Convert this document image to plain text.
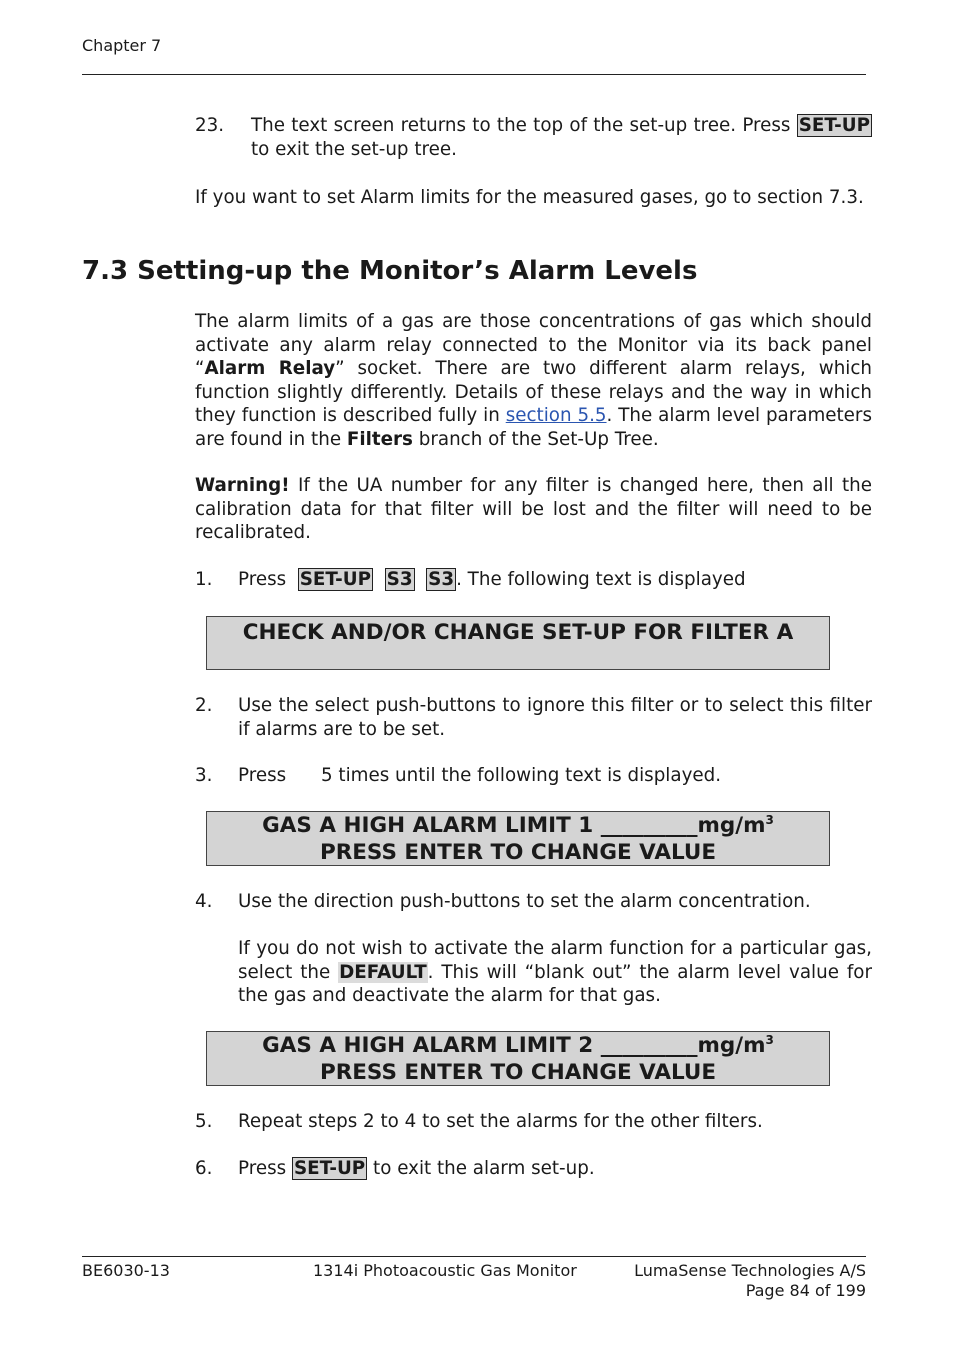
Chapter 7
23. The text screen returns to the top of the set-up tree. Press SET-UP to exit the set-up tree.

If you want to set Alarm limits for the measured gases, go to section 7.3.

7.3 Setting-up the Monitor’s Alarm Levels

The alarm limits of a gas are those concentrations of gas which should activate any alarm relay connected to the Monitor via its back panel “Alarm Relay” socket. There are two different alarm relays, which function slightly differently. Details of these relays and the way in which they function is described fully in section 5.5. The alarm level parameters are found in the Filters branch of the Set-Up Tree.

Warning! If the UA number for any filter is changed here, then all the calibration data for that filter will be lost and the filter will need to be recalibrated.

1. Press  SET-UP S3 S3 . The following text is displayed
CHECK AND/OR CHANGE SET-UP FOR FILTER A
2. Use the select push-buttons to ignore this filter or to select this filter if alarms are to be set.

3. Press      5 times until the following text is displayed.
GAS A HIGH ALARM LIMIT 1 $\_\_\_\_\_\_\_\_\_mg/m^3$
PRESS ENTER TO CHANGE VALUE
4. Use the direction push-buttons to set the alarm concentration.

If you do not wish to activate the alarm function for a particular gas, select the DEFAULT. This will “blank out” the alarm level value for the gas and deactivate the alarm for that gas.

GAS A HIGH ALARM LIMIT 2 $\_\_\_\_\_\_\_\_\_mg/m^3$
PRESS ENTER TO CHANGE VALUE
5. Repeat steps 2 to 4 to set the alarms for the other filters.

6. Press SET-UP to exit the alarm set-up.
BE6030-13	1314i Photoacoustic Gas Monitor	LumaSense Technologies A/S
Page 84 of 199
